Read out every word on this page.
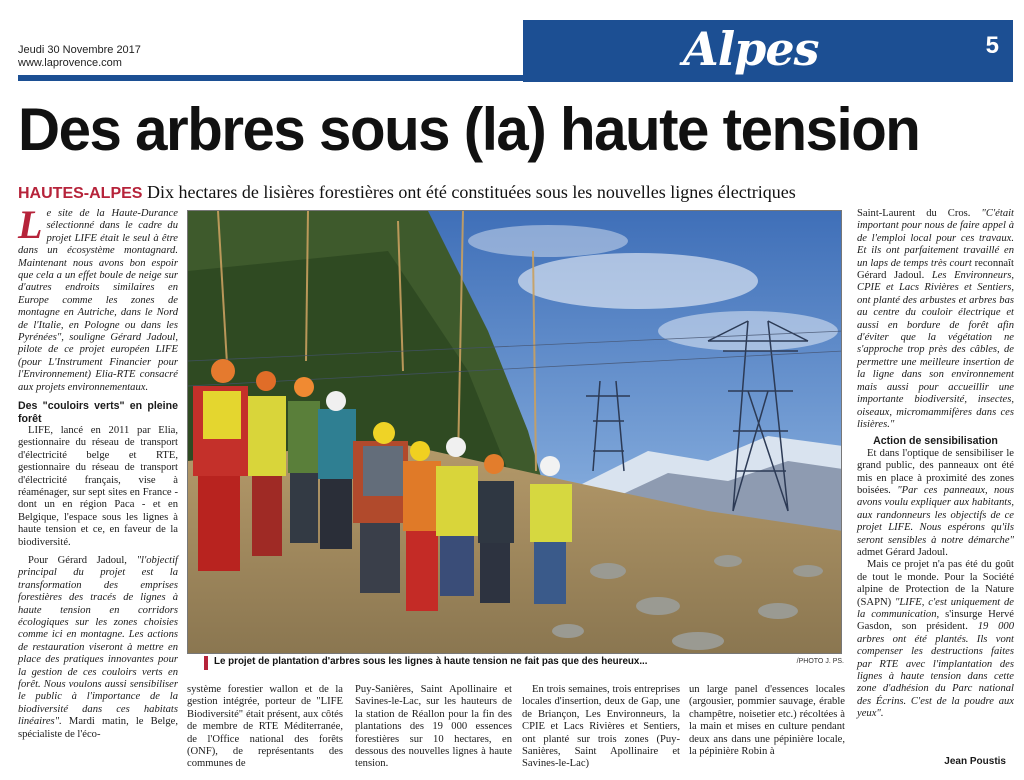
Jeudi 30 Novembre 2017
www.laprovence.com	Alpes	5
Des arbres sous (la) haute tension
HAUTES-ALPES Dix hectares de lisières forestières ont été constituées sous les nouvelles lignes électriques

Le site de la Haute-Durance sélectionné dans le cadre du projet LIFE était le seul à être dans un écosystème montagnard. Maintenant nous avons bon espoir que cela a un effet boule de neige sur d'autres endroits similaires en Europe comme les zones de montagne en Autriche, dans le Nord de l'Italie, en Pologne ou dans les Pyrénées", souligne Gérard Jadoul, pilote de ce projet européen LIFE (pour L'Instrument Financier pour l'Environnement) Elia-RTE consacré aux projets environnementaux.

Des "couloirs verts" en pleine forêt

LIFE, lancé en 2011 par Elia, gestionnaire du réseau de transport d'électricité belge et RTE, gestionnaire du réseau de transport d'électricité français, vise à réaménager, sur sept sites en France - dont un en région Paca - et en Belgique, l'espace sous les lignes à haute tension et ce, en faveur de la biodiversité.

Pour Gérard Jadoul, "l'objectif principal du projet est la transformation des emprises forestières des tracés de lignes à haute tension en corridors écologiques sur les zones choisies comme ici en montagne. Les actions de restauration viseront à mettre en place des pratiques innovantes pour la gestion de ces couloirs verts en forêt. Nous voulons aussi sensibiliser le public à l'importance de la biodiversité dans ces habitats linéaires". Mardi matin, le Belge, spécialiste de l'éco-

Le projet de plantation d'arbres sous les lignes à haute tension ne fait pas que des heureux...	/PHOTO J. PS.

système forestier wallon et de la gestion intégrée, porteur de "LIFE Biodiversité" était présent, aux côtés de membre de RTE Méditerranée, de l'Office national des forêts (ONF), de représentants des communes de

Puy-Sanières, Saint Apollinaire et Savines-le-Lac, sur les hauteurs de la station de Réallon pour la fin des plantations des 19 000 essences forestières sur 10 hectares, en dessous des nouvelles lignes à haute tension.

En trois semaines, trois entreprises locales d'insertion, deux de Gap, une de Briançon, Les Environneurs, la CPIE et Lacs Rivières et Sentiers, ont planté sur trois zones (Puy-Sanières, Saint Apollinaire et Savines-le-Lac)

un large panel d'essences locales (argousier, pommier sauvage, érable champêtre, noisetier etc.) récoltées à la main et mises en culture pendant deux ans dans une pépinière locale, la pépinière Robin à

Saint-Laurent du Cros. "C'était important pour nous de faire appel à de l'emploi local pour ces travaux. Et ils ont parfaitement travaillé en un laps de temps très court reconnaît Gérard Jadoul. Les Environneurs, CPIE et Lacs Rivières et Sentiers, ont planté des arbustes et arbres bas au centre du couloir électrique et aussi en bordure de forêt afin d'éviter que la végétation ne s'approche trop près des câbles, de permettre une meilleure insertion de la ligne dans son environnement mais aussi pour accueillir une importante biodiversité, insectes, oiseaux, micromammifères dans ces lisières."

Action de sensibilisation

Et dans l'optique de sensibiliser le grand public, des panneaux ont été mis en place à proximité des zones boisées. "Par ces panneaux, nous avons voulu expliquer aux habitants, aux randonneurs les objectifs de ce projet LIFE. Nous espérons qu'ils seront sensibles à notre démarche" admet Gérard Jadoul.

Mais ce projet n'a pas été du goût de tout le monde. Pour la Société alpine de Protection de la Nature (SAPN) "LIFE, c'est uniquement de la communication, s'insurge Hervé Gasdon, son président. 19 000 arbres ont été plantés. Ils vont compenser les destructions faites par RTE avec l'implantation des lignes à haute tension dans cette zone d'adhésion du Parc national des Écrins. C'est de la poudre aux yeux".

Jean Poustis
